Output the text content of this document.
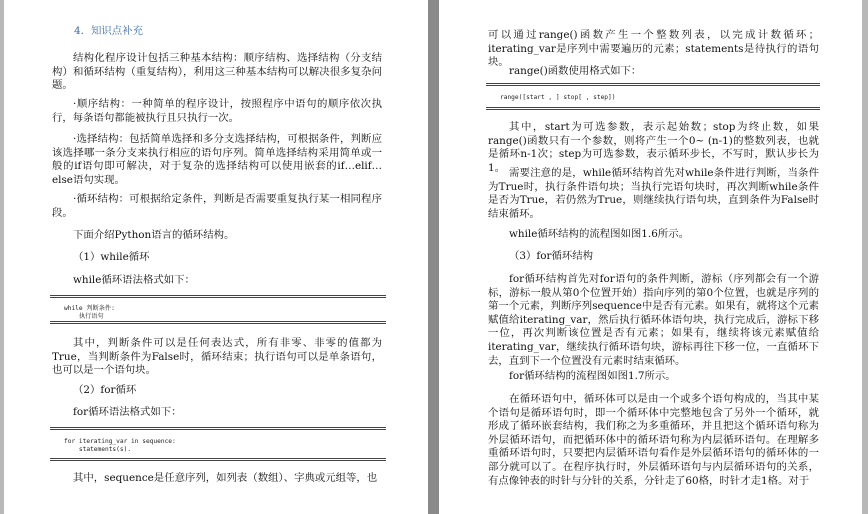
4．知识点补充

结构化程序设计包括三种基本结构：顺序结构、选择结构（分支结构）和循环结构（重复结构），利用这三种基本结构可以解决很多复杂问题。

·顺序结构：一种简单的程序设计，按照程序中语句的顺序依次执行，每条语句都能被执行且只执行一次。

·选择结构：包括简单选择和多分支选择结构，可根据条件，判断应该选择哪一条分支来执行相应的语句序列。简单选择结构采用简单或一般的if语句即可解决，对于复杂的选择结构可以使用嵌套的if…elif…else语句实现。

·循环结构：可根据给定条件，判断是否需要重复执行某一相同程序段。

下面介绍Python语言的循环结构。

（1）while循环

while循环语法格式如下：

while 判断条件:
执行语句

其中，判断条件可以是任何表达式，所有非零、非零的值都为True，当判断条件为False时，循环结束；执行语句可以是单条语句，也可以是一个语句块。

（2）for循环

for循环语法格式如下：

for iterating_var in sequence:
statements(s).

其中，sequence是任意序列，如列表（数组）、字典或元组等，也

可以通过range()函数产生一个整数列表，以完成计数循环；iterating_var是序列中需要遍历的元素；statements是待执行的语句块。

range()函数使用格式如下：

range([start , ] stop[ , step])

其中，start为可选参数，表示起始数；stop为终止数，如果range()函数只有一个参数，则将产生一个0~ (n-1)的整数列表，也就是循环n-1次；step为可选参数，表示循环步长，不写时，默认步长为1。 需要注意的是，while循环结构首先对while条件进行判断，当条件为True时，执行条件语句块；当执行完语句块时，再次判断while条件是否为True，若仍然为True，则继续执行语句块，直到条件为False时结束循环。

while循环结构的流程图如图1.6所示。

（3）for循环结构

for循环结构首先对for语句的条件判断，游标（序列都会有一个游标，游标一般从第0个位置开始）指向序列的第0个位置，也就是序列的第一个元素，判断序列sequence中是否有元素。如果有，就将这个元素赋值给iterating_var，然后执行循环体语句块，执行完成后，游标下移一位，再次判断该位置是否有元素；如果有，继续将该元素赋值给iterating_var，继续执行循环语句块，游标再往下移一位，一直循环下去，直到下一个位置没有元素时结束循环。

for循环结构的流程图如图1.7所示。

在循环语句中，循环体可以是由一个或多个语句构成的，当其中某个语句是循环语句时，即一个循环体中完整地包含了另外一个循环，就形成了循环嵌套结构，我们称之为多重循环，并且把这个循环语句称为外层循环语句，而把循环体中的循环语句称为内层循环语句。在理解多重循环语句时，只要把内层循环语句看作是外层循环语句的循环体的一部分就可以了。在程序执行时，外层循环语句与内层循环语句的关系，有点像钟表的时针与分针的关系，分针走了60格，时针才走1格。对于
